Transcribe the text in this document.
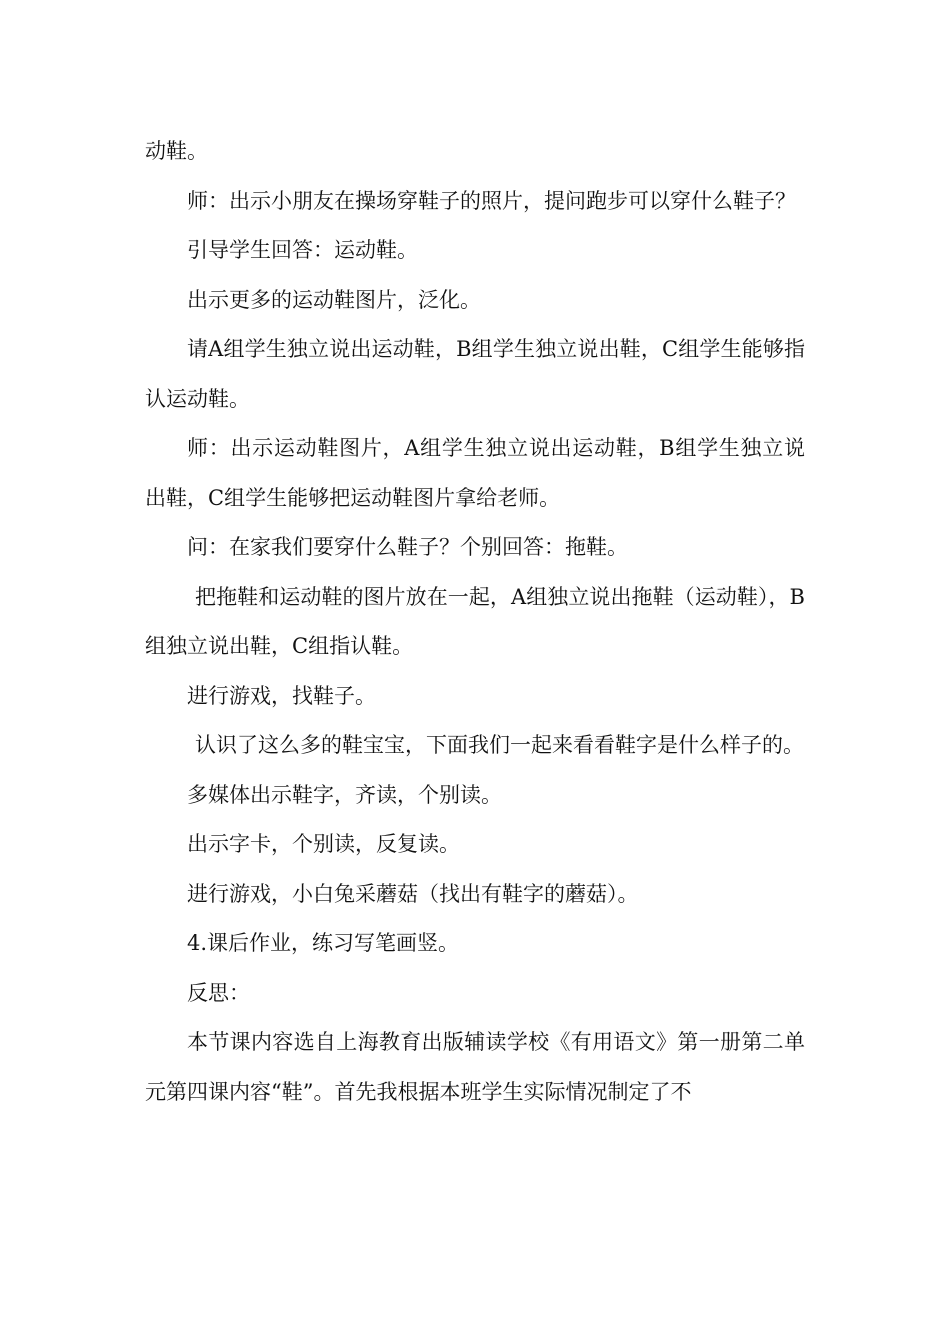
动鞋。

师：出示小朋友在操场穿鞋子的照片，提问跑步可以穿什么鞋子？

引导学生回答：运动鞋。

出示更多的运动鞋图片，泛化。

请A组学生独立说出运动鞋，B组学生独立说出鞋，C组学生能够指认运动鞋。

师：出示运动鞋图片，A组学生独立说出运动鞋，B组学生独立说出鞋，C组学生能够把运动鞋图片拿给老师。

问：在家我们要穿什么鞋子？个别回答：拖鞋。

把拖鞋和运动鞋的图片放在一起，A组独立说出拖鞋（运动鞋），B组独立说出鞋，C组指认鞋。

进行游戏，找鞋子。

认识了这么多的鞋宝宝，下面我们一起来看看鞋字是什么样子的。

多媒体出示鞋字，齐读，个别读。

出示字卡，个别读，反复读。

进行游戏，小白兔采蘑菇（找出有鞋字的蘑菇）。

4.课后作业，练习写笔画竖。

反思：

本节课内容选自上海教育出版辅读学校《有用语文》第一册第二单元第四课内容“鞋”。首先我根据本班学生实际情况制定了不
